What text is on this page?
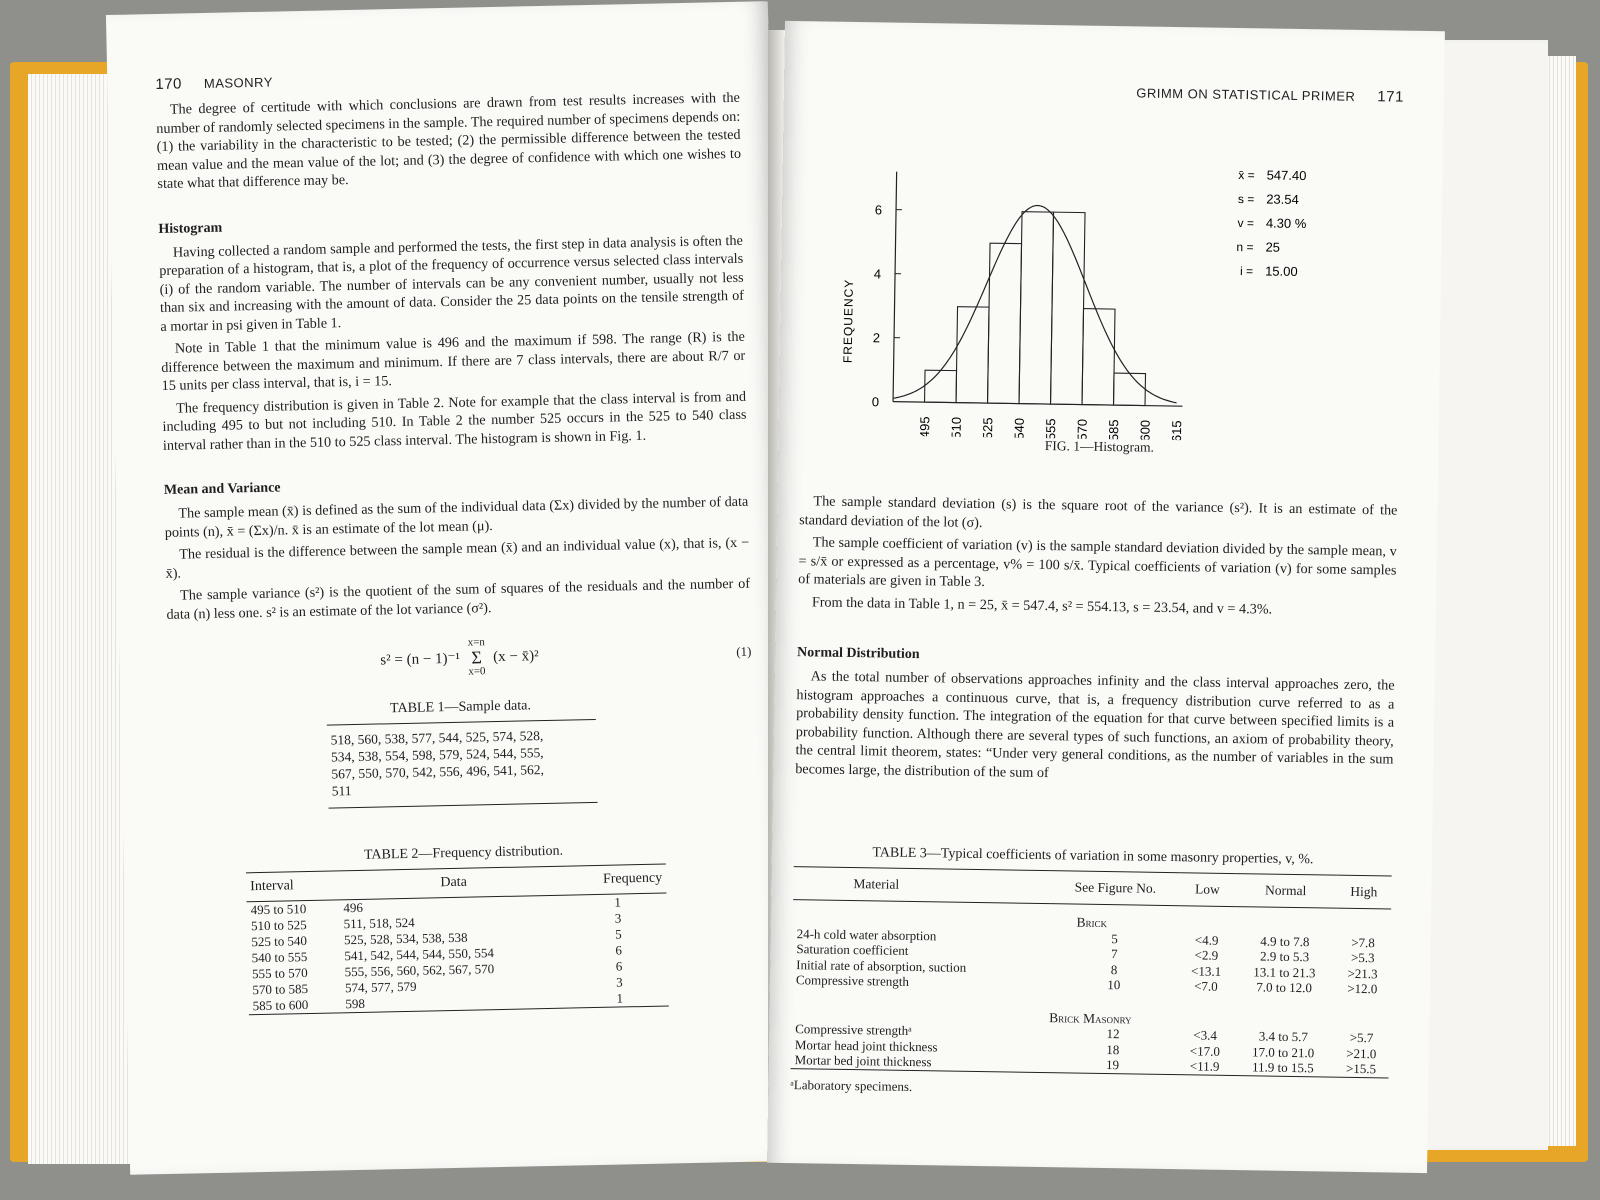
170 MASONRY

The degree of certitude with which conclusions are drawn from test results increases with the number of randomly selected specimens in the sample. The required number of specimens depends on: (1) the variability in the characteristic to be tested; (2) the permissible difference between the tested mean value and the mean value of the lot; and (3) the degree of confidence with which one wishes to state what that difference may be.

Histogram

Having collected a random sample and performed the tests, the first step in data analysis is often the preparation of a histogram, that is, a plot of the frequency of occurrence versus selected class intervals (i) of the random variable. The number of intervals can be any convenient number, usually not less than six and increasing with the amount of data. Consider the 25 data points on the tensile strength of a mortar in psi given in Table 1.

Note in Table 1 that the minimum value is 496 and the maximum if 598. The range (R) is the difference between the maximum and minimum. If there are 7 class intervals, there are about R/7 or 15 units per class interval, that is, i = 15.

The frequency distribution is given in Table 2. Note for example that the class interval is from and including 495 to but not including 510. In Table 2 the number 525 occurs in the 525 to 540 class interval rather than in the 510 to 525 class interval. The histogram is shown in Fig. 1.

Mean and Variance

The sample mean (x̄) is defined as the sum of the individual data (Σx) divided by the number of data points (n), x̄ = (Σx)/n. x̄ is an estimate of the lot mean (μ).

The residual is the difference between the sample mean (x̄) and an individual value (x), that is, (x − x̄).

The sample variance (s²) is the quotient of the sum of squares of the residuals and the number of data (n) less one. s² is an estimate of the lot variance (σ²).

s² = (n − 1)⁻¹
x=n
Σ
x=0
(x − x̄)²	(1)
TABLE 1—Sample data.
518, 560, 538, 577, 544, 525, 574, 528,
534, 538, 554, 598, 579, 524, 544, 555,
567, 550, 570, 542, 556, 496, 541, 562,
511
TABLE 2—Frequency distribution.
Interval	Data	Frequency
495 to 510	496	1
510 to 525	511, 518, 524	3
525 to 540	525, 528, 534, 538, 538	5
540 to 555	541, 542, 544, 544, 550, 554	6
555 to 570	555, 556, 560, 562, 567, 570	6
570 to 585	574, 577, 579	3
585 to 600	598	1
GRIMM ON STATISTICAL PRIMER 171
0
2
4
6
FREQUENCY
495 510 525 540 555 570 585 600 615
x̄ = 547.40
s = 23.54
v = 4.30 %
n = 25
i = 15.00
FIG. 1—Histogram.

The sample standard deviation (s) is the square root of the variance (s²). It is an estimate of the standard deviation of the lot (σ).

The sample coefficient of variation (v) is the sample standard deviation divided by the sample mean, v = s/x̄ or expressed as a percentage, v% = 100 s/x̄. Typical coefficients of variation (v) for some samples of materials are given in Table 3.

From the data in Table 1, n = 25, x̄ = 547.4, s² = 554.13, s = 23.54, and v = 4.3%.

Normal Distribution

As the total number of observations approaches infinity and the class interval approaches zero, the histogram approaches a continuous curve, that is, a frequency distribution curve referred to as a probability density function. The integration of the equation for that curve between specified limits is a probability function. Although there are several types of such functions, an axiom of probability theory, the central limit theorem, states: “Under very general conditions, as the number of variables in the sum becomes large, the distribution of the sum of

TABLE 3—Typical coefficients of variation in some masonry properties, v, %.
Material	See Figure No.	Low	Normal	High
Brick				
24-h cold water absorption	5	<4.9	4.9 to 7.8	>7.8
Saturation coefficient	7	<2.9	2.9 to 5.3	>5.3
Initial rate of absorption, suction	8	<13.1	13.1 to 21.3	>21.3
Compressive strength	10	<7.0	7.0 to 12.0	>12.0
Brick Masonry				
Compressive strengthᵃ	12	<3.4	3.4 to 5.7	>5.7
Mortar head joint thickness	18	<17.0	17.0 to 21.0	>21.0
Mortar bed joint thickness	19	<11.9	11.9 to 15.5	>15.5
ᵃLaboratory specimens.
